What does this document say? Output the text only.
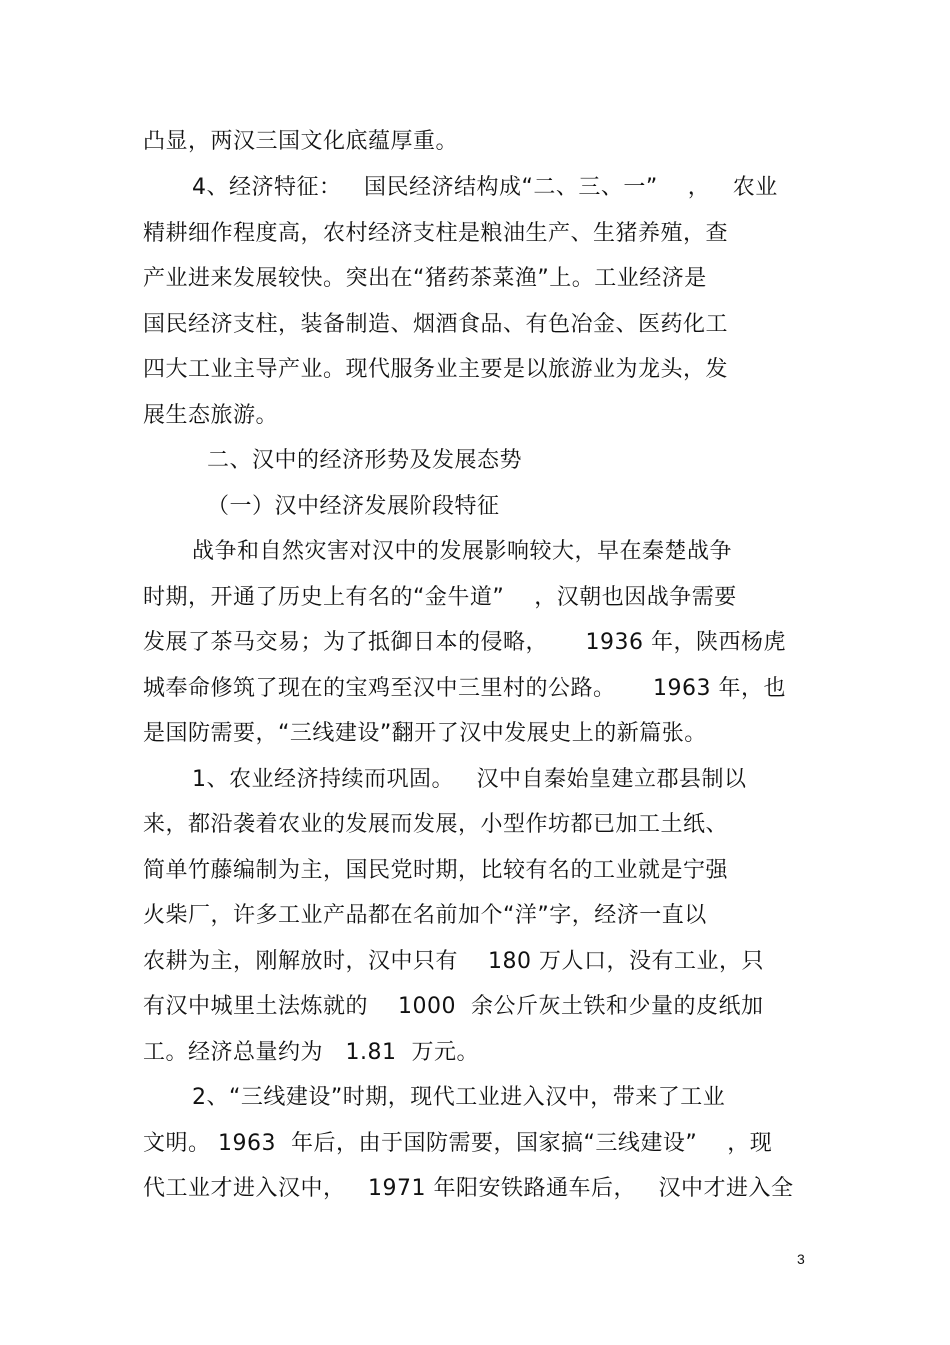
凸显，两汉三国文化底蕴厚重。
4、经济特征：   国民经济结构成“二、三、一”    ，   农业
精耕细作程度高，农村经济支柱是粮油生产、生猪养殖，查
产业进来发展较快。突出在“猪药茶菜渔”上。工业经济是
国民经济支柱，装备制造、烟酒食品、有色冶金、医药化工
四大工业主导产业。现代服务业主要是以旅游业为龙头，发
展生态旅游。
二、汉中的经济形势及发展态势
（一）汉中经济发展阶段特征
战争和自然灾害对汉中的发展影响较大，早在秦楚战争
时期，开通了历史上有名的“金牛道”    ，汉朝也因战争需要
发展了茶马交易；为了抵御日本的侵略，     1936 年，陕西杨虎
城奉命修筑了现在的宝鸡至汉中三里村的公路。     1963 年，也
是国防需要，“三线建设”翻开了汉中发展史上的新篇张。
1、农业经济持续而巩固。   汉中自秦始皇建立郡县制以
来，都沿袭着农业的发展而发展，小型作坊都已加工土纸、
简单竹藤编制为主，国民党时期，比较有名的工业就是宁强
火柴厂，许多工业产品都在名前加个“洋”字，经济一直以
农耕为主，刚解放时，汉中只有    180 万人口，没有工业，只
有汉中城里土法炼就的    1000  余公斤灰土铁和少量的皮纸加
工。经济总量约为   1.81  万元。
2、“三线建设”时期，现代工业进入汉中，带来了工业
文明。 1963  年后，由于国防需要，国家搞“三线建设”    ，现
代工业才进入汉中，   1971 年阳安铁路通车后，   汉中才进入全
3
